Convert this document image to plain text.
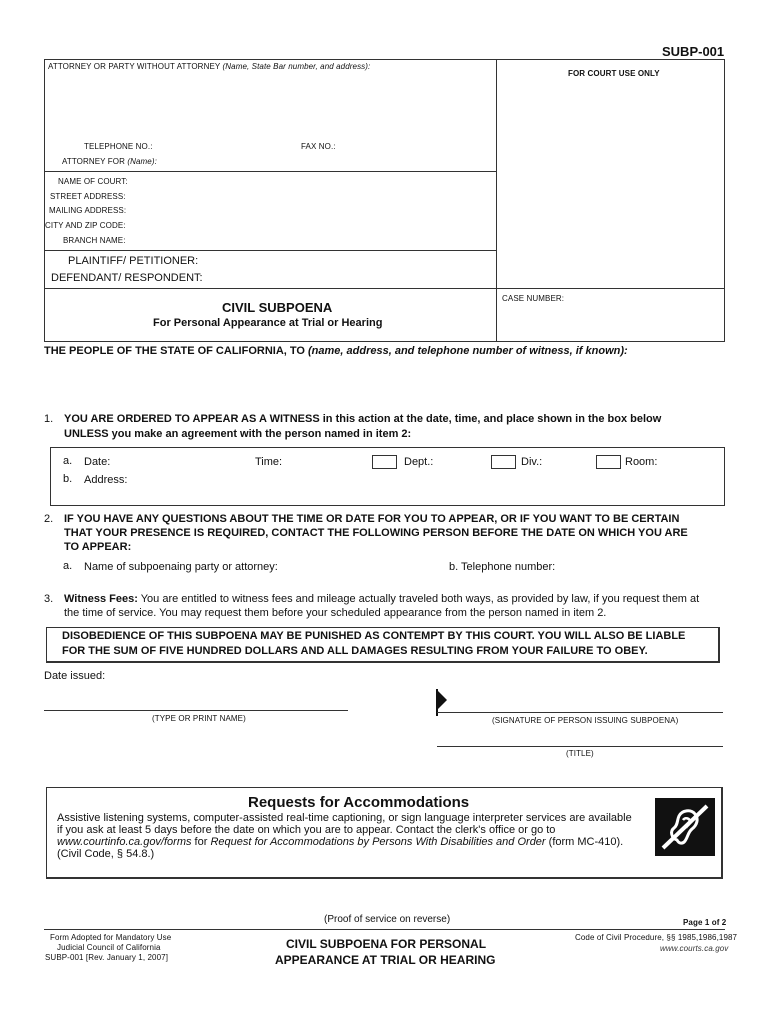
SUBP-001
ATTORNEY OR PARTY WITHOUT ATTORNEY (Name, State Bar number, and address):
FOR COURT USE ONLY
TELEPHONE NO.:	FAX NO.:
ATTORNEY FOR (Name):
NAME OF COURT:
STREET ADDRESS:
MAILING ADDRESS:
CITY AND ZIP CODE:
BRANCH NAME:
PLAINTIFF/ PETITIONER:
DEFENDANT/ RESPONDENT:
CIVIL SUBPOENA
For Personal Appearance at Trial or Hearing
CASE NUMBER:
THE PEOPLE OF THE STATE OF CALIFORNIA, TO (name, address, and telephone number of witness, if known):
1. YOU ARE ORDERED TO APPEAR AS A WITNESS in this action at the date, time, and place shown in the box below
UNLESS you make an agreement with the person named in item 2:
a. Date:	Time:	Dept.:	Div.:	Room:
b. Address:
2. IF YOU HAVE ANY QUESTIONS ABOUT THE TIME OR DATE FOR YOU TO APPEAR, OR IF YOU WANT TO BE CERTAIN
THAT YOUR PRESENCE IS REQUIRED, CONTACT THE FOLLOWING PERSON BEFORE THE DATE ON WHICH YOU ARE
TO APPEAR:
a. Name of subpoenaing party or attorney:	b. Telephone number:
3. Witness Fees: You are entitled to witness fees and mileage actually traveled both ways, as provided by law, if you request them at
the time of service. You may request them before your scheduled appearance from the person named in item 2.
DISOBEDIENCE OF THIS SUBPOENA MAY BE PUNISHED AS CONTEMPT BY THIS COURT. YOU WILL ALSO BE LIABLE
FOR THE SUM OF FIVE HUNDRED DOLLARS AND ALL DAMAGES RESULTING FROM YOUR FAILURE TO OBEY.
Date issued:
(TYPE OR PRINT NAME)	(SIGNATURE OF PERSON ISSUING SUBPOENA)
(TITLE)
Requests for Accommodations
Assistive listening systems, computer-assisted real-time captioning, or sign language interpreter services are available
if you ask at least 5 days before the date on which you are to appear. Contact the clerk's office or go to
www.courtinfo.ca.gov/forms for Request for Accommodations by Persons With Disabilities and Order (form MC-410).
(Civil Code, § 54.8.)
(Proof of service on reverse)	Page 1 of 2
Form Adopted for Mandatory Use
Judicial Council of California
SUBP-001 [Rev. January 1, 2007]
CIVIL SUBPOENA FOR PERSONAL
APPEARANCE AT TRIAL OR HEARING
Code of Civil Procedure, §§ 1985,1986,1987
www.courts.ca.gov
